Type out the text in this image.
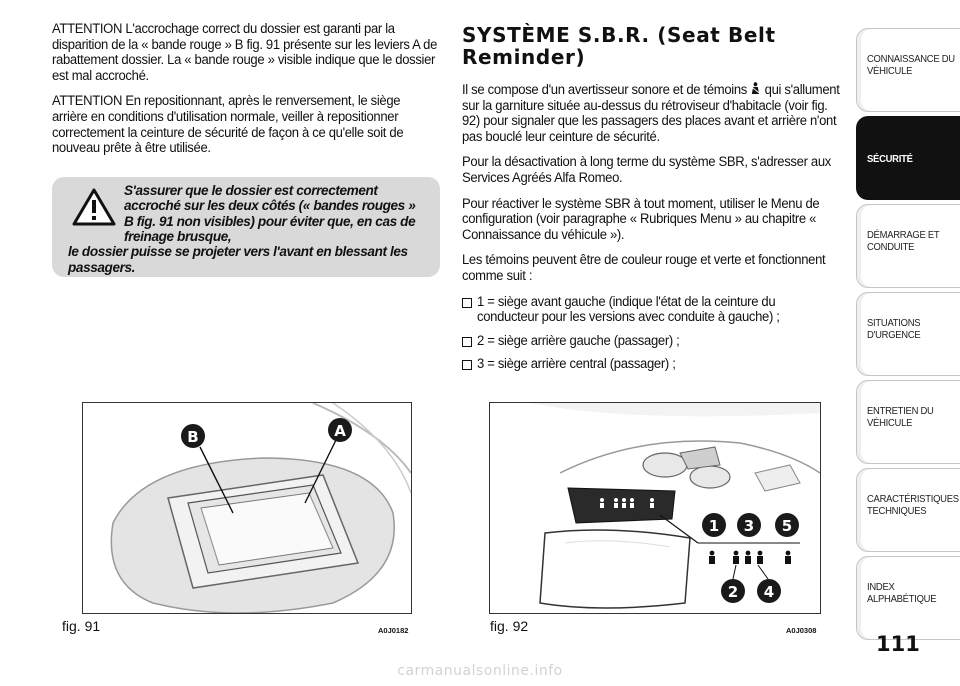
ATTENTION L'accrochage correct du dossier est garanti par la disparition de la « bande rouge » B fig. 91 présente sur les leviers A de rabattement dossier. La « bande rouge » visible indique que le dossier est mal accroché.

ATTENTION En repositionnant, après le renversement, le siège arrière en conditions d'utilisation normale, veiller à repositionner correctement la ceinture de sécurité de façon à ce qu'elle soit de nouveau prête à être utilisée.

S'assurer que le dossier est correctement accroché sur les deux côtés (« bandes rouges » B fig. 91 non visibles) pour éviter que, en cas de freinage brusque,
le dossier puisse se projeter vers l'avant en blessant les passagers.
SYSTÈME S.B.R. (Seat Belt Reminder)

Il se compose d'un avertisseur sonore et de témoins qui s'allument sur la garniture située au-dessus du rétroviseur d'habitacle (voir fig. 92) pour signaler que les passagers des places avant et arrière n'ont pas bouclé leur ceinture de sécurité.

Pour la désactivation à long terme du système SBR, s'adresser aux Services Agréés Alfa Romeo.

Pour réactiver le système SBR à tout moment, utiliser le Menu de configuration (voir paragraphe « Rubriques Menu » au chapitre « Connaissance du véhicule »).

Les témoins peuvent être de couleur rouge et verte et fonctionnent comme suit :

1 = siège avant gauche (indique l'état de la ceinture du conducteur pour les versions avec conduite à gauche) ;
2 = siège arrière gauche (passager) ;
3 = siège arrière central (passager) ;
B	A
fig. 91	A0J0182
1 3 5
2 4
fig. 92	A0J0308
CONNAISSANCE DU VÉHICULE
SÉCURITÉ
DÉMARRAGE ET CONDUITE
SITUATIONS D'URGENCE
ENTRETIEN DU VÉHICULE
CARACTÉRISTIQUES TECHNIQUES
INDEX ALPHABÉTIQUE
111
carmanualsonline.info
